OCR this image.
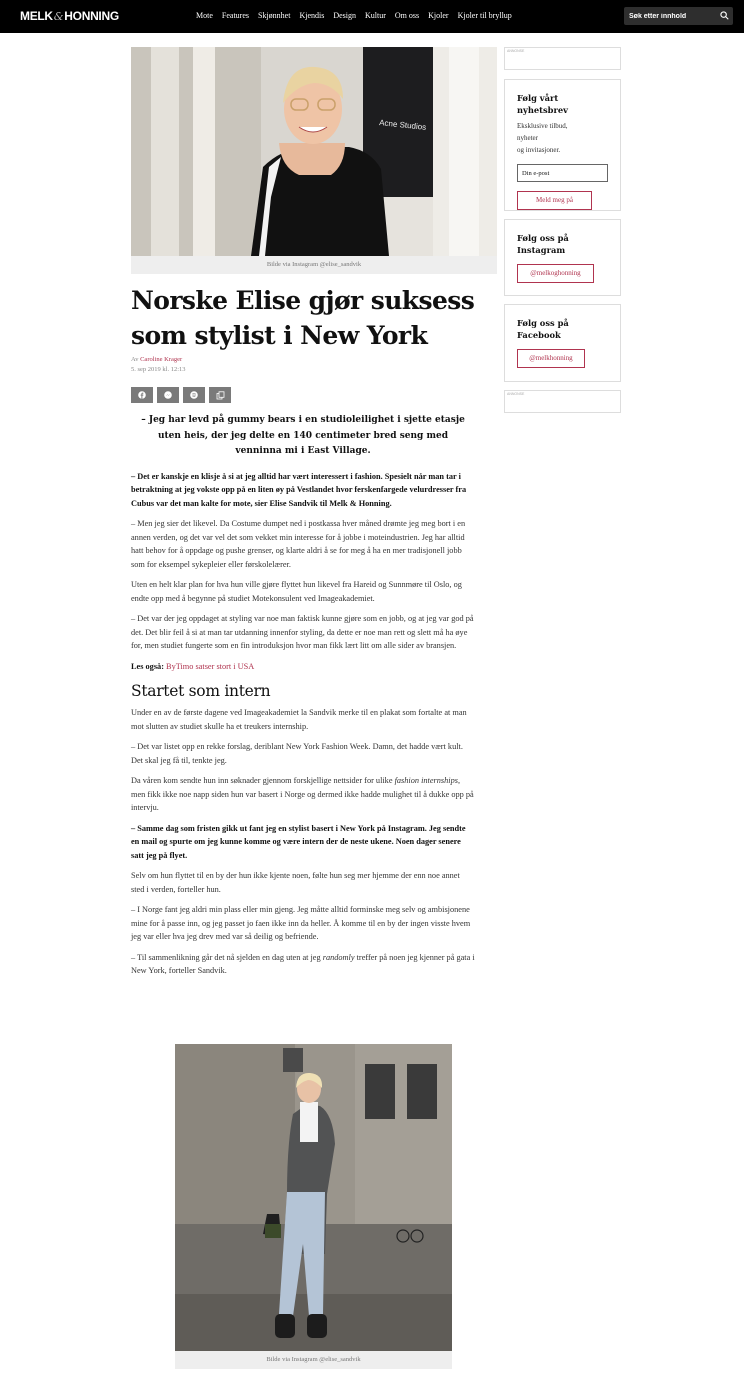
MELK&HONNING	Mote Features Skjønnhet Kjendis Design Kultur Om oss Kjoler Kjoler til bryllup
Søk etter innhold
Acne Studios
Bilde via Instagram @elise_sandvik
Norske Elise gjør suksess som stylist i New York
Av Caroline Krager
5. sep 2019 kl. 12:13
– Jeg har levd på gummy bears i en studioleilighet i sjette etasje uten heis, der jeg delte en 140 centimeter bred seng med venninna mi i East Village.

– Det er kanskje en klisje å si at jeg alltid har vært interessert i fashion. Spesielt når man tar i betraktning at jeg vokste opp på en liten øy på Vestlandet hvor ferskenfargede velurdresser fra Cubus var det man kalte for mote, sier Elise Sandvik til Melk & Honning.

– Men jeg sier det likevel. Da Costume dumpet ned i postkassa hver måned drømte jeg meg bort i en annen verden, og det var vel det som vekket min interesse for å jobbe i moteindustrien. Jeg har alltid hatt behov for å oppdage og pushe grenser, og klarte aldri å se for meg å ha en mer tradisjonell jobb som for eksempel sykepleier eller førskolelærer.

Uten en helt klar plan for hva hun ville gjøre flyttet hun likevel fra Hareid og Sunnmøre til Oslo, og endte opp med å begynne på studiet Motekonsulent ved Imageakademiet.

– Det var der jeg oppdaget at styling var noe man faktisk kunne gjøre som en jobb, og at jeg var god på det. Det blir feil å si at man tar utdanning innenfor styling, da dette er noe man rett og slett må ha øye for, men studiet fungerte som en fin introduksjon hvor man fikk lært litt om alle sider av bransjen.

Les også: ByTimo satser stort i USA

Startet som intern

Under en av de første dagene ved Imageakademiet la Sandvik merke til en plakat som fortalte at man mot slutten av studiet skulle ha et treukers internship.

– Det var listet opp en rekke forslag, deriblant New York Fashion Week. Damn, det hadde vært kult. Det skal jeg få til, tenkte jeg.

Da våren kom sendte hun inn søknader gjennom forskjellige nettsider for ulike fashion internships, men fikk ikke noe napp siden hun var basert i Norge og dermed ikke hadde mulighet til å dukke opp på intervju.

– Samme dag som fristen gikk ut fant jeg en stylist basert i New York på Instagram. Jeg sendte en mail og spurte om jeg kunne komme og være intern der de neste ukene. Noen dager senere satt jeg på flyet.

Selv om hun flyttet til en by der hun ikke kjente noen, følte hun seg mer hjemme der enn noe annet sted i verden, forteller hun.

– I Norge fant jeg aldri min plass eller min gjeng. Jeg måtte alltid forminske meg selv og ambisjonene mine for å passe inn, og jeg passet jo faen ikke inn da heller. Å komme til en by der ingen visste hvem jeg var eller hva jeg drev med var så deilig og befriende.

– Til sammenlikning går det nå sjelden en dag uten at jeg randomly treffer på noen jeg kjenner på gata i New York, forteller Sandvik.

Bilde via Instagram @elise_sandvik
ANNONSE
Følg vårt nyhetsbrev
Eksklusive tilbud,
nyheter
og invitasjoner.
Din e-post Meld meg på
Følg oss på Instagram
@melkoghonning
Følg oss på Facebook
@melkhonning
ANNONSE
